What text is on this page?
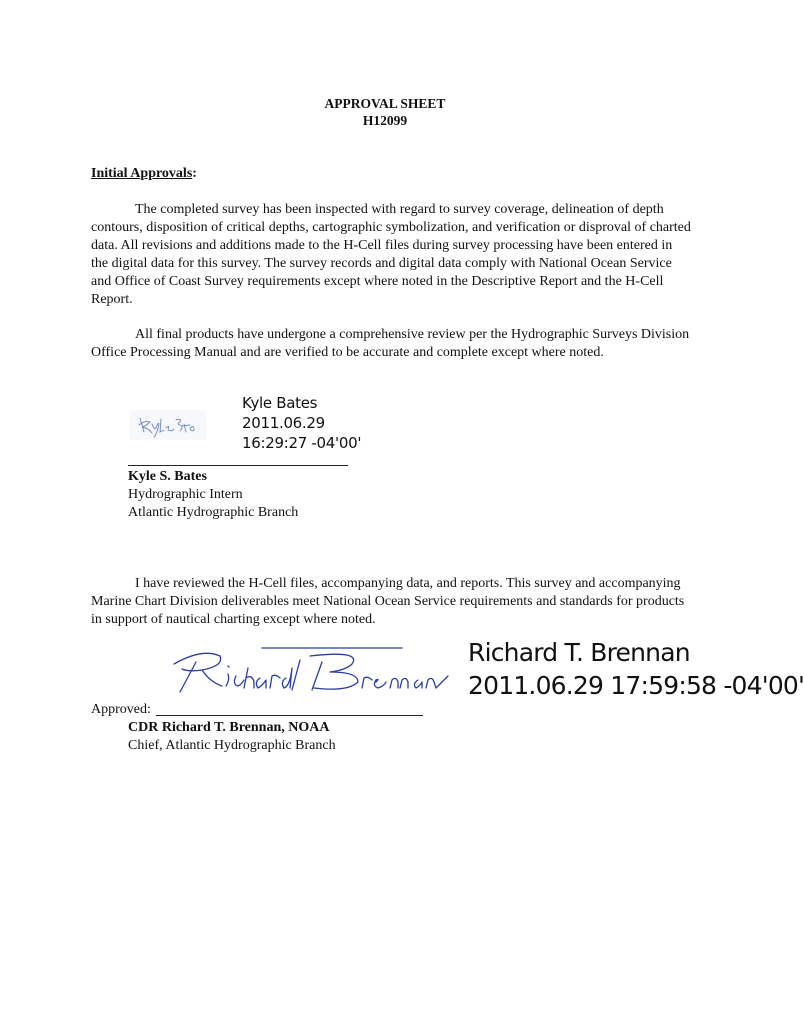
APPROVAL SHEET
H12099
Initial Approvals:

The completed survey has been inspected with regard to survey coverage, delineation of depth contours, disposition of critical depths, cartographic symbolization, and verification or disproval of charted data. All revisions and additions made to the H-Cell files during survey processing have been entered in the digital data for this survey. The survey records and digital data comply with National Ocean Service and Office of Coast Survey requirements except where noted in the Descriptive Report and the H-Cell Report.

All final products have undergone a comprehensive review per the Hydrographic Surveys Division Office Processing Manual and are verified to be accurate and complete except where noted.

Kyle Bates
2011.06.29
16:29:27 -04'00'
Kyle S. Bates
Hydrographic Intern
Atlantic Hydrographic Branch

I have reviewed the H-Cell files, accompanying data, and reports. This survey and accompanying Marine Chart Division deliverables meet National Ocean Service requirements and standards for products in support of nautical charting except where noted.

Richard T. Brennan
2011.06.29 17:59:58 -04'00'
Approved:
CDR Richard T. Brennan, NOAA
Chief, Atlantic Hydrographic Branch
